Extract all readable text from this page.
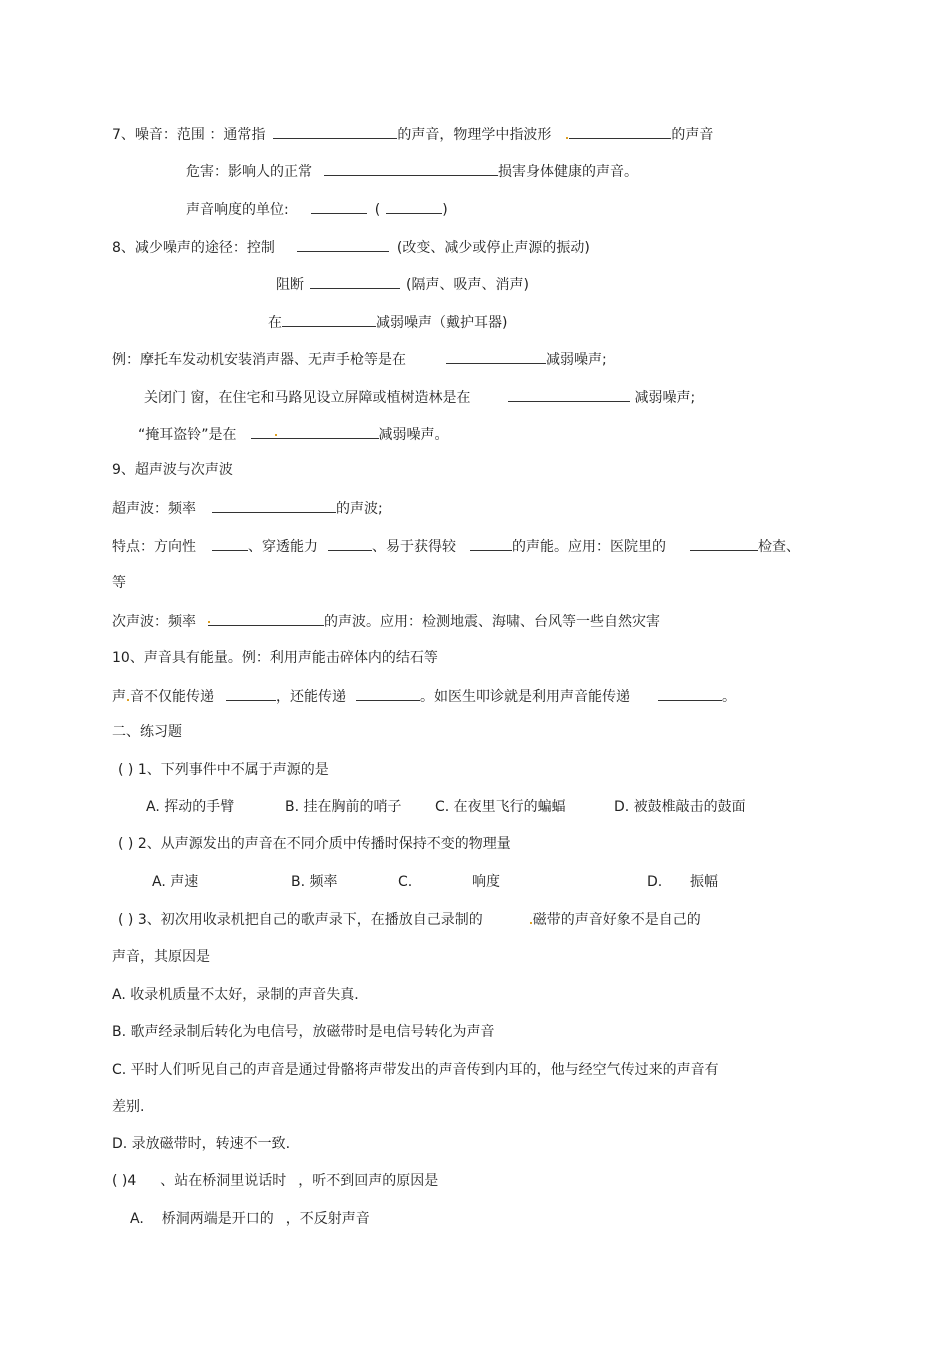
7、噪音：范围 ：通常指	的声音，物理学中指波形	的声音
危害：影响人的正常	损害身体健康的声音。
声音响度的单位:	(	)
8、减少噪声的途径：控制	(改变、减少或停止声源的振动)
阻断	(隔声、吸声、消声)
在	减弱噪声（戴护耳器)
例：摩托车发动机安装消声器、无声手枪等是在	减弱噪声;
关闭门 窗，在住宅和马路见设立屏障或植树造林是在	减弱噪声;
“掩耳盗铃”是在	减弱噪声。
9、超声波与次声波
超声波：频率	的声波;
特点：方向性	、穿透能力	、易于获得较	的声能。应用：医院里的	检查、
等
次声波：频率	的声波。应用：检测地震、海啸、台风等一些自然灾害
10、声音具有能量。例：利用声能击碎体内的结石等
声 音不仅能传递	，还能传递	。如医生叩诊就是利用声音能传递	。
二、练习题
( ) 1、下列事件中不属于声源的是
A. 挥动的手臂	B. 挂在胸前的哨子 C. 在夜里飞行的蝙蝠	D. 被鼓椎敲击的鼓面
( ) 2、从声源发出的声音在不同介质中传播时保持不变的物理量
A. 声速	B. 频率	C.	响度	D. 振幅
( ) 3、初次用收录机把自己的歌声录下，在播放自己录制的	磁带的声音好象不是自己的
声音，其原因是
A. 收录机质量不太好，录制的声音失真.
B. 歌声经录制后转化为电信号，放磁带时是电信号转化为声音
C. 平时人们听见自己的声音是通过骨骼将声带发出的声音传到内耳的，他与经空气传过来的声音有
差别.
D. 录放磁带时，转速不一致.
( )4 、站在桥洞里说话时 ，听不到回声的原因是
A. 桥洞两端是开口的 ，不反射声音
